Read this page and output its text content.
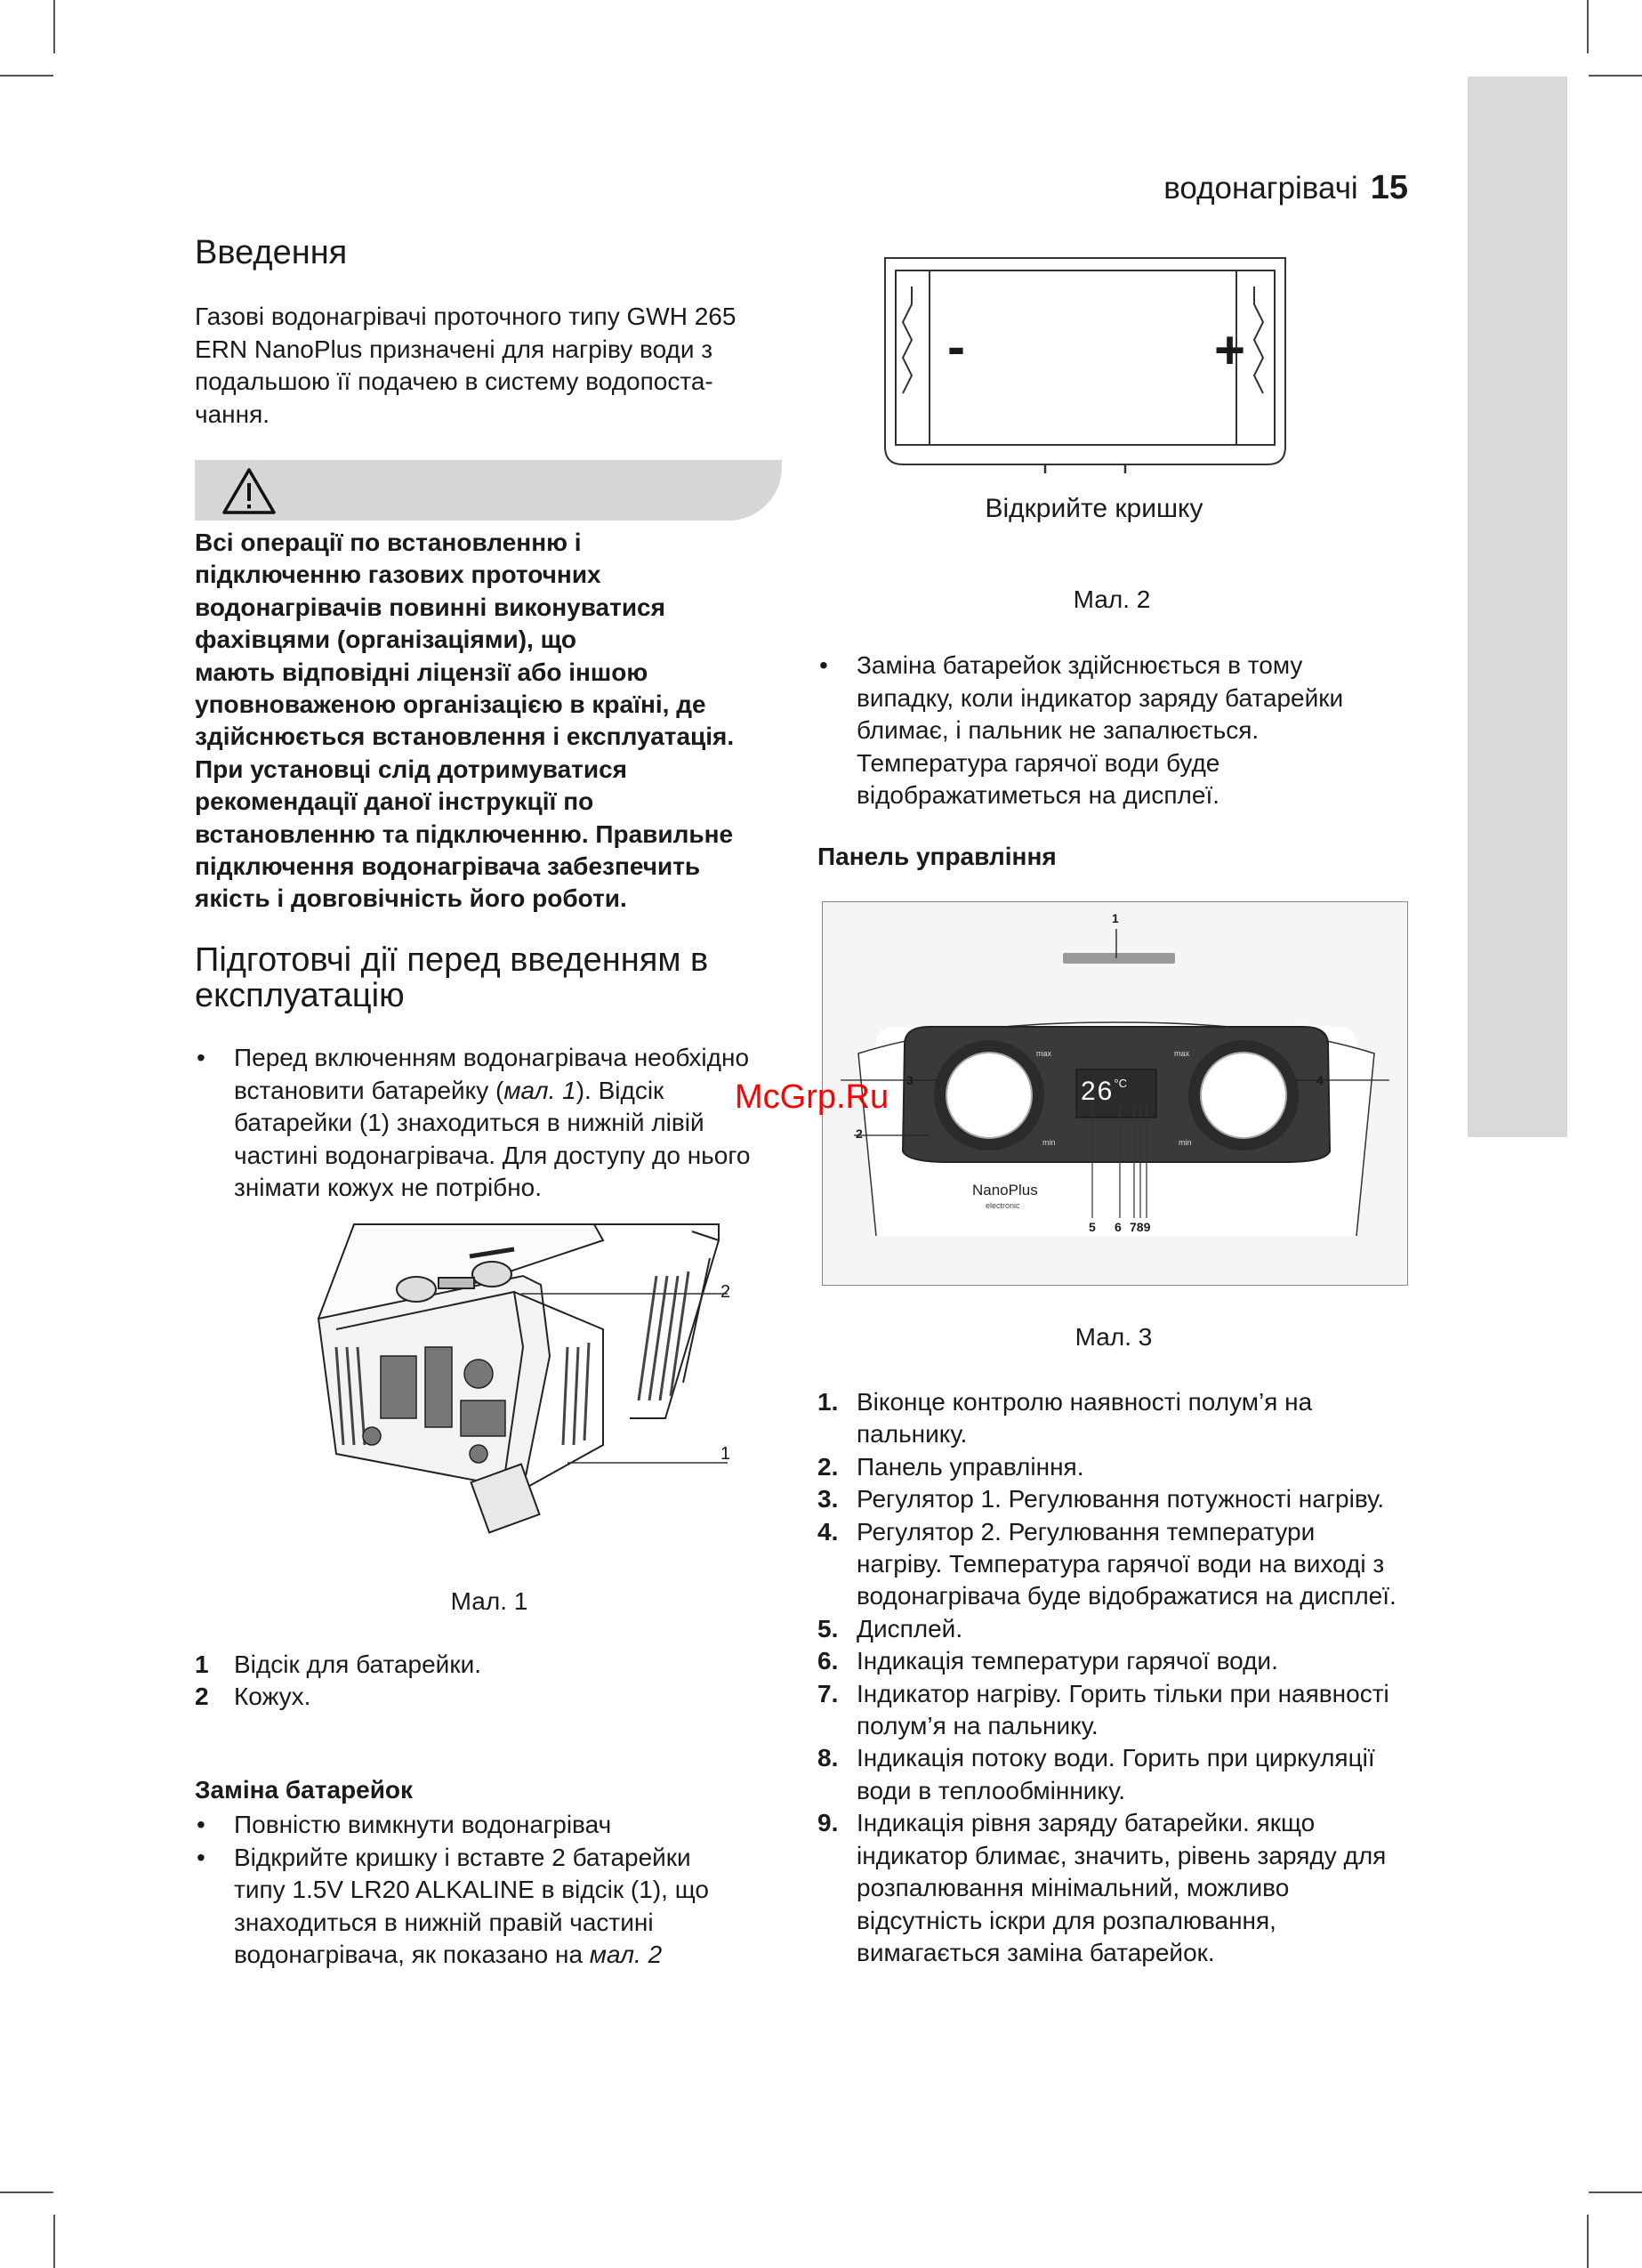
водонагрівачі 15
Введення

Газові водонагрівачі проточного типу GWH 265 ERN NanoPlus призначені для нагріву води з подальшою її подачею в систему водопоста-чання.

Всі операції по встановленню і
підключенню газових проточних
водонагрівачів повинні виконуватися
фахівцями (організаціями), що
мають відповідні ліцензії або іншою
уповноваженою організацією в країні, де
здійснюється встановлення і експлуатація.
При установці слід дотримуватися
рекомендації даної інструкції по
встановленню та підключенню. Правильне
підключення водонагрівача забезпечить
якість і довговічність його роботи.
Підготовчі дії перед введенням в
експлуатацію
• Перед включенням водонагрівача необхідно встановити батарейку (мал. 1). Відсік батарейки (1) знаходиться в нижній лівій частині водонагрівача. Для доступу до нього знімати кожух не потрібно.
2
1
Мал. 1
1 Відсік для батарейки.
2 Кожух.
Заміна батарейок
• Повністю вимкнути водонагрівач
• Відкрийте кришку і вставте 2 батарейки типу 1.5V LR20 ALKALINE в відсік (1), що знаходиться в нижній правій частині водонагрівача, як показано на мал. 2
-	+
Відкрийте кришку
Мал. 2
• Заміна батарейок здійснюється в тому випадку, коли індикатор заряду батарейки блимає, і пальник не запалюється. Температура гарячої води буде відображатиметься на дисплеї.
Панель управління
$26^{^\circ C}$
max	max
min	min
NanoPlus
electronic
1
2
3	4
5 6 789
Мал. 3
1. Віконце контролю наявності полум’я на пальнику.
2. Панель управління.
3. Регулятор 1. Регулювання потужності нагріву.
4. Регулятор 2. Регулювання температури нагріву. Температура гарячої води на виході з водонагрівача буде відображатися на дисплеї.
5. Дисплей.
6. Індикація температури гарячої води.
7. Індикатор нагріву. Горить тільки при наявності полум’я на пальнику.
8. Індикація потоку води. Горить при циркуляції води в теплообміннику.
9. Індикація рівня заряду батарейки. якщо індикатор блимає, значить, рівень заряду для розпалювання мінімальний, можливо відсутність іскри для розпалювання, вимагається заміна батарейок.
McGrp.Ru
